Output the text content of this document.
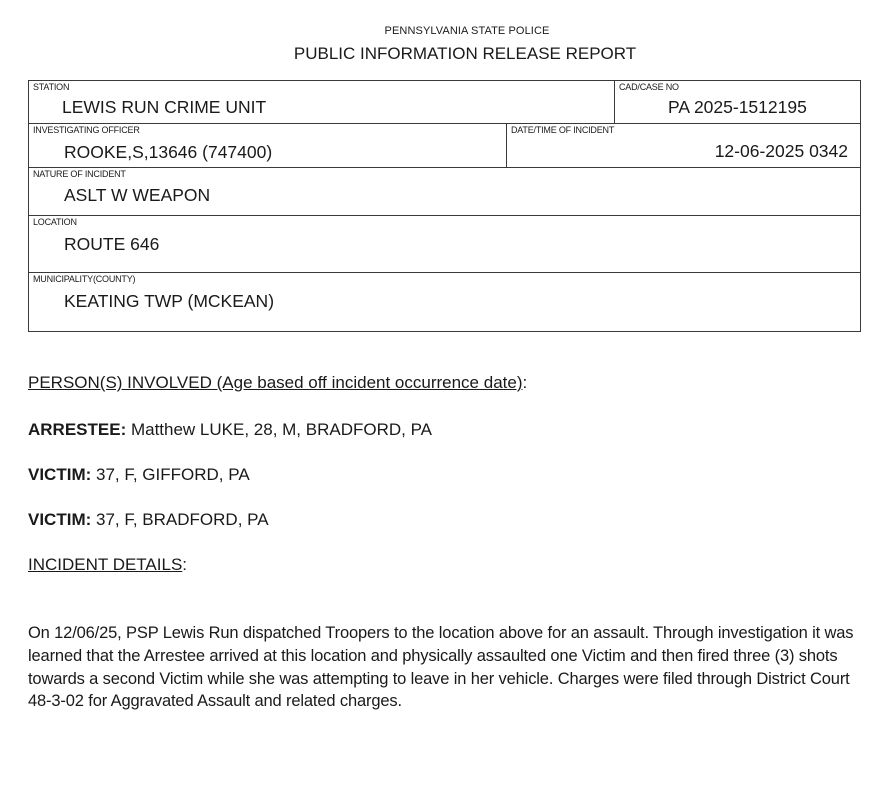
PENNSYLVANIA STATE POLICE
PUBLIC INFORMATION RELEASE REPORT
STATION
LEWIS RUN CRIME UNIT
CAD/CASE NO
PA 2025-1512195
INVESTIGATING OFFICER
ROOKE,S,13646 (747400)
DATE/TIME OF INCIDENT
12-06-2025 0342
NATURE OF INCIDENT
ASLT W WEAPON
LOCATION
ROUTE 646
MUNICIPALITY(COUNTY)
KEATING TWP (MCKEAN)
PERSON(S) INVOLVED (Age based off incident occurrence date):
ARRESTEE: Matthew LUKE, 28, M, BRADFORD, PA
VICTIM: 37, F, GIFFORD, PA
VICTIM: 37, F, BRADFORD, PA
INCIDENT DETAILS:
On 12/06/25, PSP Lewis Run dispatched Troopers to the location above for an assault. Through investigation it was learned that the Arrestee arrived at this location and physically assaulted one Victim and then fired three (3) shots towards a second Victim while she was attempting to leave in her vehicle. Charges were filed through District Court 48-3-02 for Aggravated Assault and related charges.
